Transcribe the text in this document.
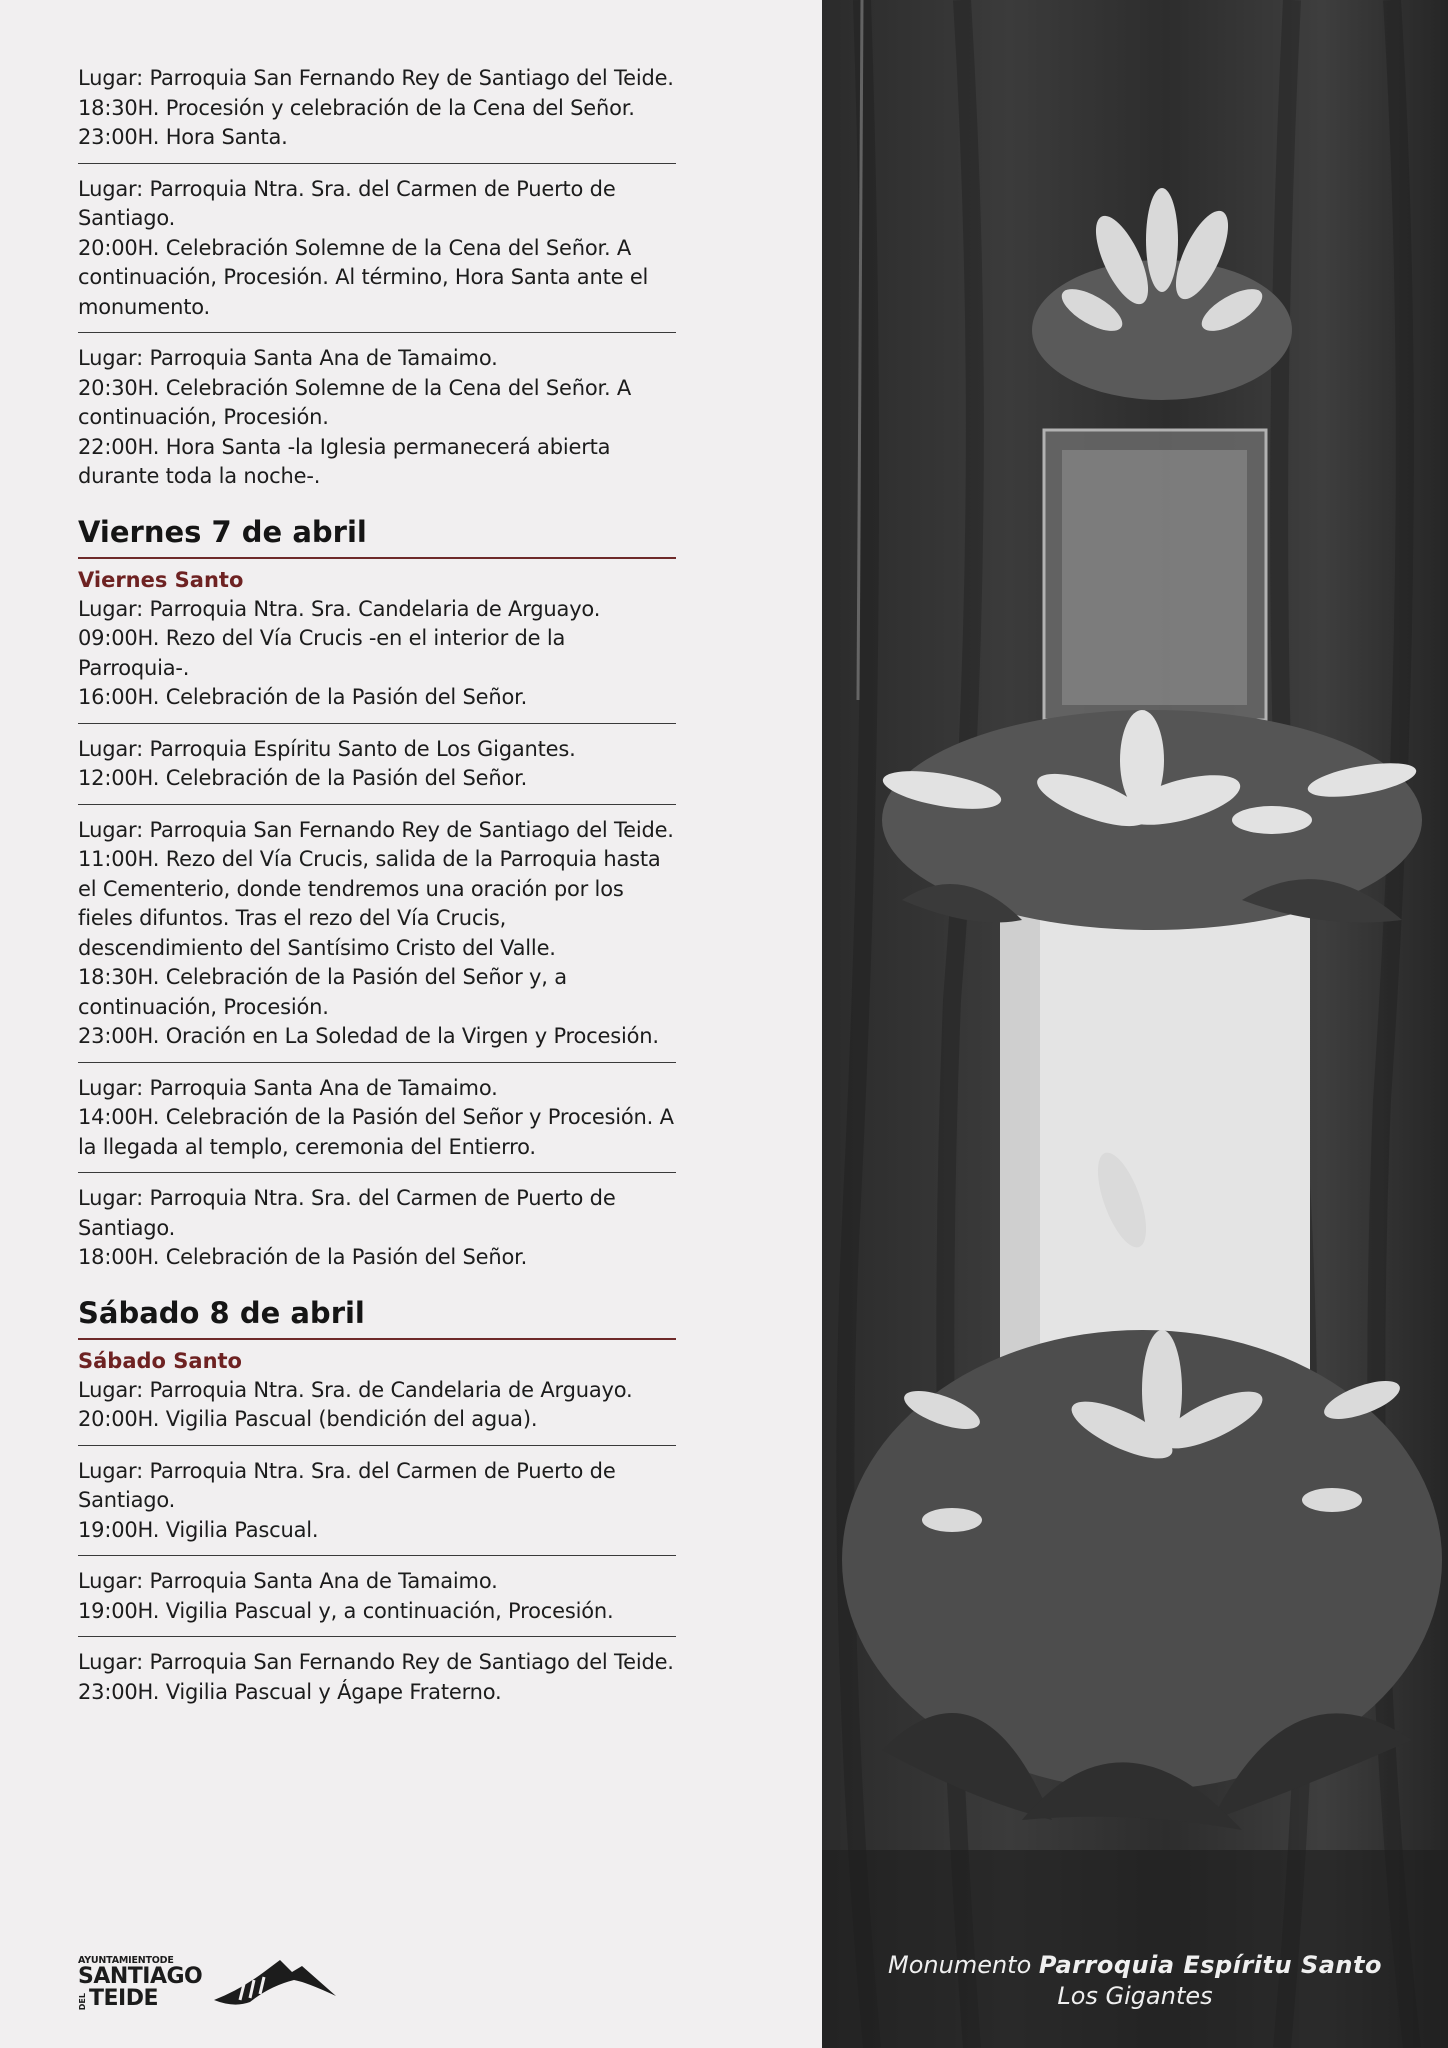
Lugar: Parroquia San Fernando Rey de Santiago del Teide.

18:30H. Procesión y celebración de la Cena del Señor.

23:00H. Hora Santa.

Lugar: Parroquia Ntra. Sra. del Carmen de Puerto de Santiago.

20:00H. Celebración Solemne de la Cena del Señor. A continuación, Procesión. Al término, Hora Santa ante el monumento.

Lugar: Parroquia Santa Ana de Tamaimo.

20:30H. Celebración Solemne de la Cena del Señor. A continuación, Procesión.

22:00H. Hora Santa -la Iglesia permanecerá abierta durante toda la noche-.

Viernes 7 de abril
Viernes Santo

Lugar: Parroquia Ntra. Sra. Candelaria de Arguayo.

09:00H. Rezo del Vía Crucis -en el interior de la Parroquia-.

16:00H. Celebración de la Pasión del Señor.

Lugar: Parroquia Espíritu Santo de Los Gigantes.

12:00H. Celebración de la Pasión del Señor.

Lugar: Parroquia San Fernando Rey de Santiago del Teide.

11:00H. Rezo del Vía Crucis, salida de la Parroquia hasta el Cementerio, donde tendremos una oración por los fieles difuntos. Tras el rezo del Vía Crucis, descendimiento del Santísimo Cristo del Valle.

18:30H. Celebración de la Pasión del Señor y, a continuación, Procesión.

23:00H. Oración en La Soledad de la Virgen y Procesión.

Lugar: Parroquia Santa Ana de Tamaimo.

14:00H. Celebración de la Pasión del Señor y Procesión. A la llegada al templo, ceremonia del Entierro.

Lugar: Parroquia Ntra. Sra. del Carmen de Puerto de Santiago.

18:00H. Celebración de la Pasión del Señor.

Sábado 8 de abril
Sábado Santo

Lugar: Parroquia Ntra. Sra. de Candelaria de Arguayo.

20:00H. Vigilia Pascual (bendición del agua).

Lugar: Parroquia Ntra. Sra. del Carmen de Puerto de Santiago.

19:00H. Vigilia Pascual.

Lugar: Parroquia Santa Ana de Tamaimo.

19:00H. Vigilia Pascual y, a continuación, Procesión.

Lugar: Parroquia San Fernando Rey de Santiago del Teide.

23:00H. Vigilia Pascual y Ágape Fraterno.

AYUNTAMIENTODE
SANTIAGO
DEL TEIDE
Monumento Parroquia Espíritu Santo
Los Gigantes
